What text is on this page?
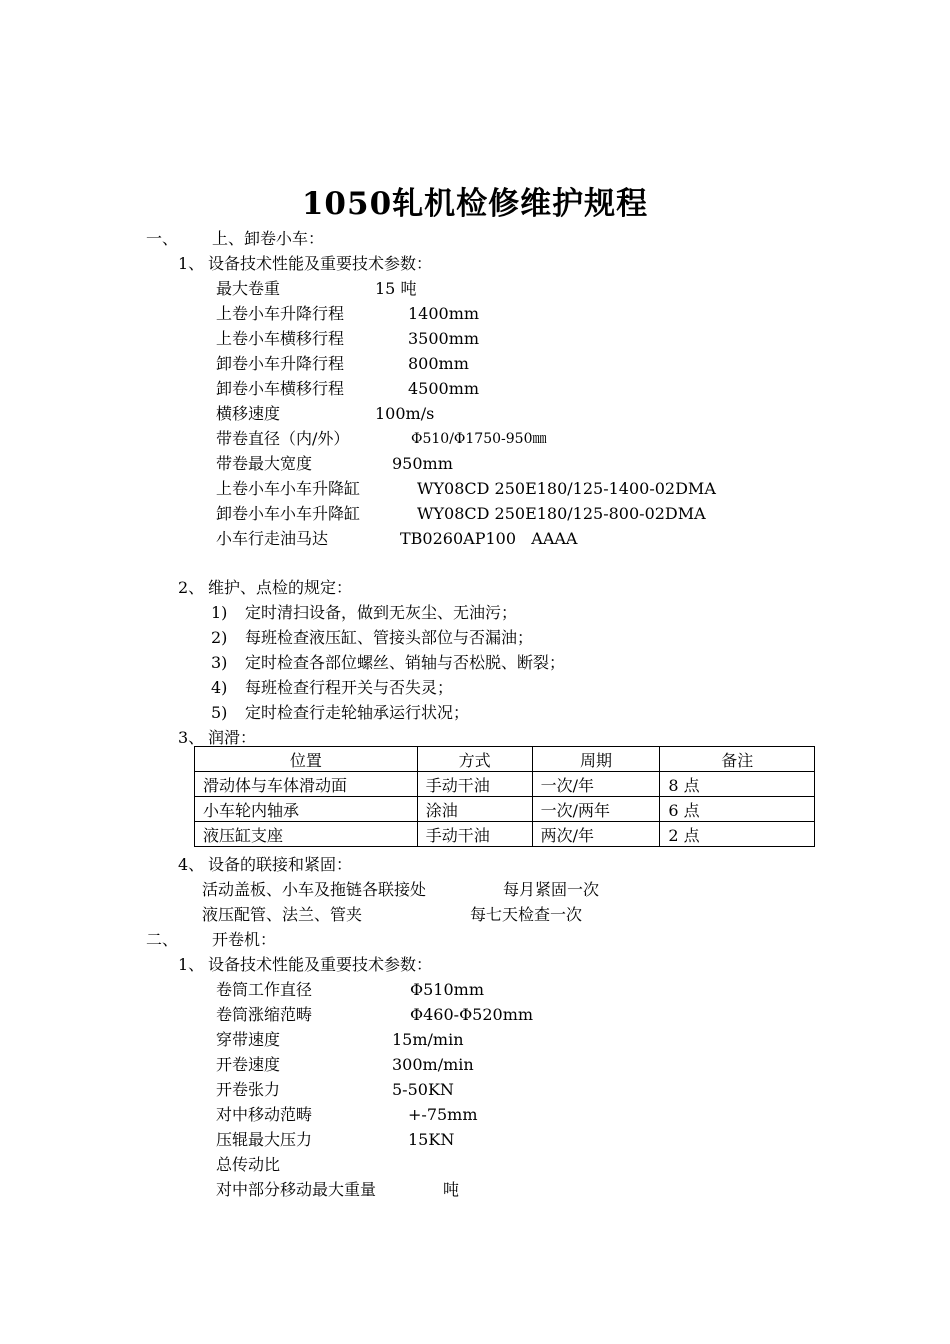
1050轧机检修维护规程
一、 上、卸卷小车：
1、 设备技术性能及重要技术参数：
最大卷重	15 吨
上卷小车升降行程	1400mm
上卷小车横移行程	3500mm
卸卷小车升降行程	800mm
卸卷小车横移行程	4500mm
横移速度	100m/s
带卷直径（内/外）	Φ510/Φ1750-950㎜
带卷最大宽度	950mm
上卷小车小车升降缸	WY08CD 250E180/125-1400-02DMA
卸卷小车小车升降缸	WY08CD 250E180/125-800-02DMA
小车行走油马达	TB0260AP100   AAAA
2、 维护、点检的规定：
1) 定时清扫设备，做到无灰尘、无油污；
2) 每班检查液压缸、管接头部位与否漏油；
3) 定时检查各部位螺丝、销轴与否松脱、断裂；
4) 每班检查行程开关与否失灵；
5) 定时检查行走轮轴承运行状况；
3、 润滑：
位置	方式	周期	备注
滑动体与车体滑动面	手动干油	一次/年	8 点
小车轮内轴承	涂油	一次/两年	6 点
液压缸支座	手动干油	两次/年	2 点
4、 设备的联接和紧固：
活动盖板、小车及拖链各联接处	每月紧固一次
液压配管、法兰、管夹	每七天检查一次
二、 开卷机：
1、 设备技术性能及重要技术参数：
卷筒工作直径	Φ510mm
卷筒涨缩范畴	Φ460-Φ520mm
穿带速度	15m/min
开卷速度	300m/min
开卷张力	5-50KN
对中移动范畴	+-75mm
压辊最大压力	15KN
总传动比
对中部分移动最大重量	吨
